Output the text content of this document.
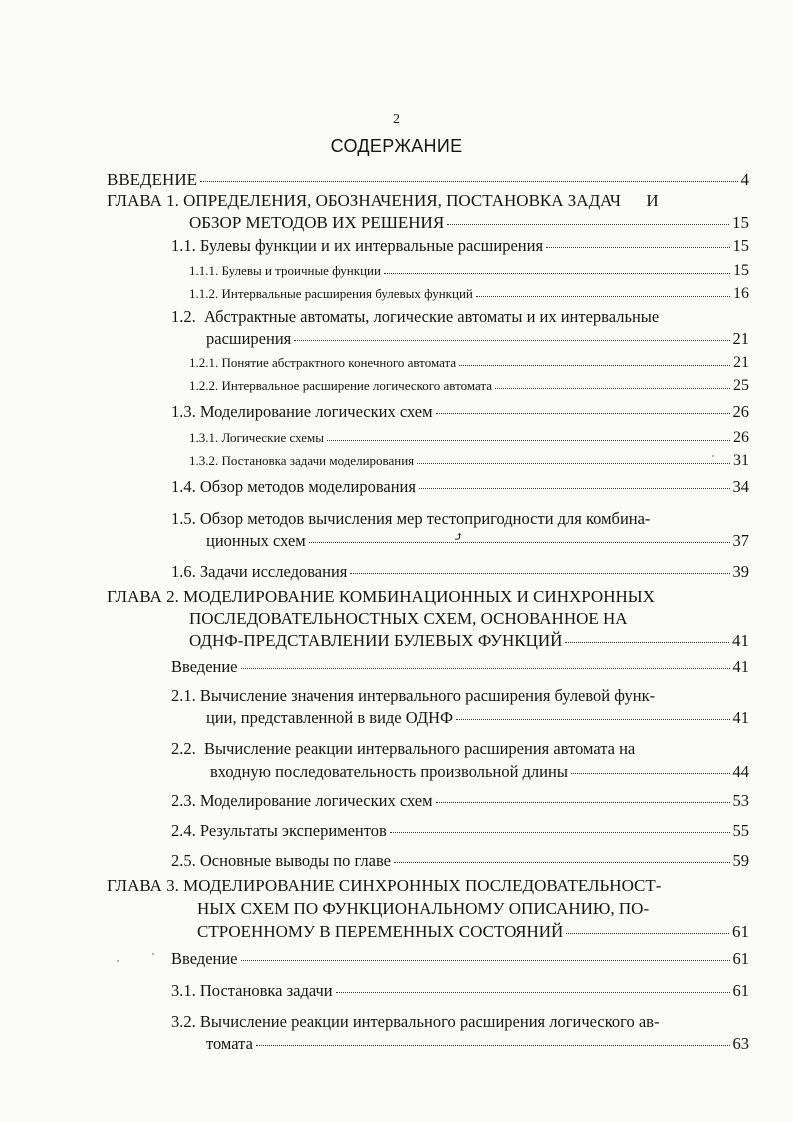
2
СОДЕРЖАНИЕ
ВВЕДЕНИЕ	4
ГЛАВА 1. ОПРЕДЕЛЕНИЯ, ОБОЗНАЧЕНИЯ, ПОСТАНОВКА ЗАДАЧ      И
ОБЗОР МЕТОДОВ ИХ РЕШЕНИЯ	15
1.1. Булевы функции и их интервальные расширения	15
1.1.1. Булевы и троичные функции	15
1.1.2. Интервальные расширения булевых функций	16
1.2.  Абстрактные автоматы, логические автоматы и их интервальные
расширения	21
1.2.1. Понятие абстрактного конечного автомата	21
1.2.2. Интервальное расширение логического автомата	25
1.3. Моделирование логических схем	26
1.3.1. Логические схемы	26
1.3.2. Постановка задачи моделирования	31
1.4. Обзор методов моделирования	34
1.5. Обзор методов вычисления мер тестопригодности для комбина-
ционных схем	37
⤴
1.6. Задачи исследования	39
ГЛАВА 2. МОДЕЛИРОВАНИЕ КОМБИНАЦИОННЫХ И СИНХРОННЫХ
ПОСЛЕДОВАТЕЛЬНОСТНЫХ СХЕМ, ОСНОВАННОЕ НА
ОДНФ-ПРЕДСТАВЛЕНИИ БУЛЕВЫХ ФУНКЦИЙ	41
Введение	41
2.1. Вычисление значения интервального расширения булевой функ-
ции, представленной в виде ОДНФ	41
2.2.  Вычисление реакции интервального расширения автомата на
входную последовательность произвольной длины	44
2.3. Моделирование логических схем	53
2.4. Результаты экспериментов	55
2.5. Основные выводы по главе	59
ГЛАВА 3. МОДЕЛИРОВАНИЕ СИНХРОННЫХ ПОСЛЕДОВАТЕЛЬНОСТ-
НЫХ СХЕМ ПО ФУНКЦИОНАЛЬНОМУ ОПИСАНИЮ, ПО-
СТРОЕННОМУ В ПЕРЕМЕННЫХ СОСТОЯНИЙ	61
Введение	61
3.1. Постановка задачи	61
3.2. Вычисление реакции интервального расширения логического ав-
томата	63
